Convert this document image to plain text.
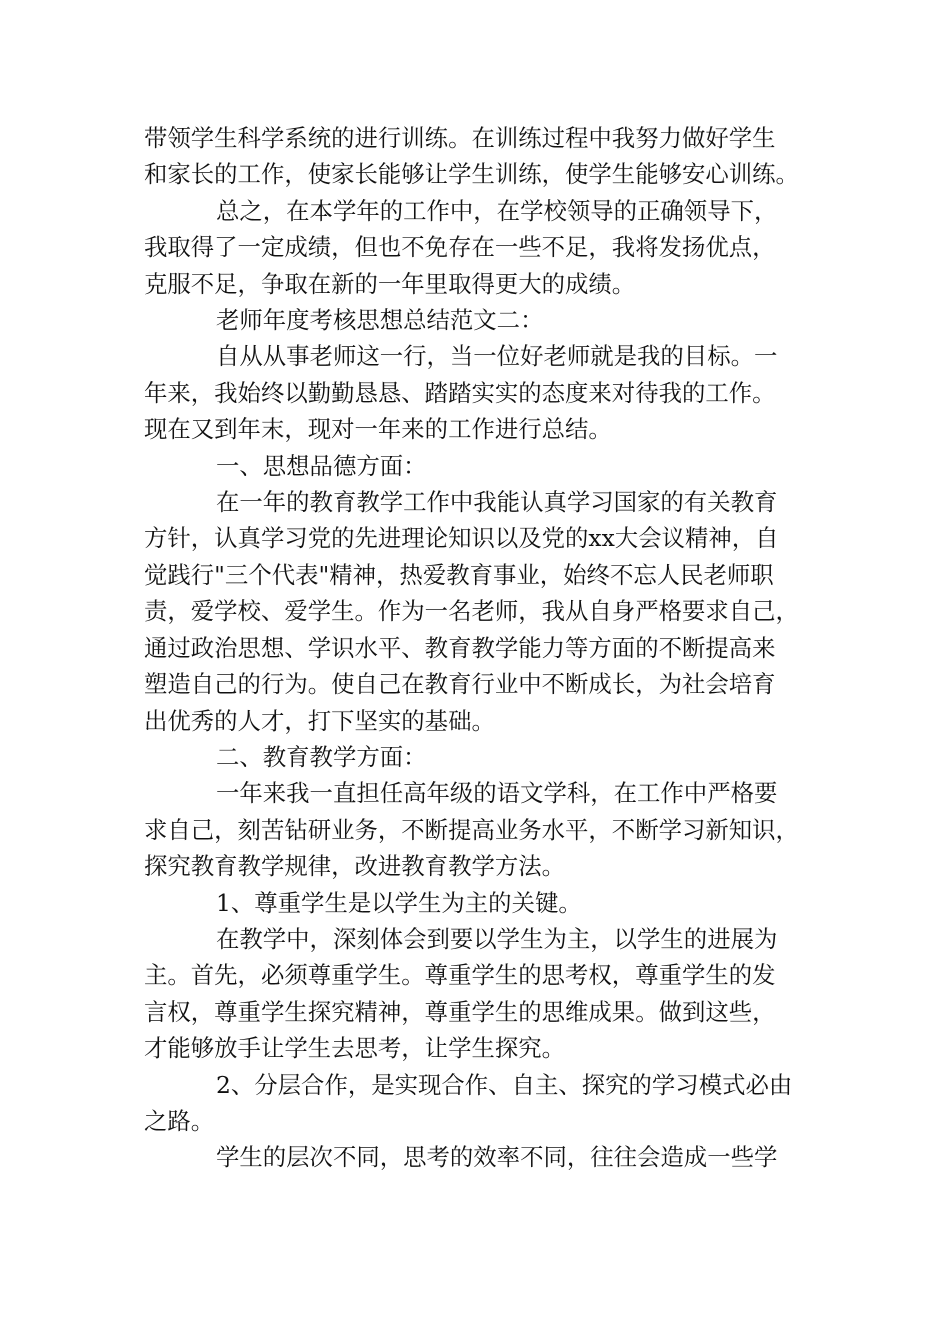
带领学生科学系统的进行训练。在训练过程中我努力做好学生
和家长的工作，使家长能够让学生训练，使学生能够安心训练。
总之，在本学年的工作中，在学校领导的正确领导下，
我取得了一定成绩，但也不免存在一些不足，我将发扬优点，
克服不足，争取在新的一年里取得更大的成绩。
老师年度考核思想总结范文二：
自从从事老师这一行，当一位好老师就是我的目标。一
年来，我始终以勤勤恳恳、踏踏实实的态度来对待我的工作。
现在又到年末，现对一年来的工作进行总结。
一、思想品德方面：
在一年的教育教学工作中我能认真学习国家的有关教育
方针，认真学习党的先进理论知识以及党的xx大会议精神，自
觉践行"三个代表"精神，热爱教育事业，始终不忘人民老师职
责，爱学校、爱学生。作为一名老师，我从自身严格要求自己，
通过政治思想、学识水平、教育教学能力等方面的不断提高来
塑造自己的行为。使自己在教育行业中不断成长，为社会培育
出优秀的人才，打下坚实的基础。
二、教育教学方面：
一年来我一直担任高年级的语文学科，在工作中严格要
求自己，刻苦钻研业务，不断提高业务水平，不断学习新知识，
探究教育教学规律，改进教育教学方法。
1、尊重学生是以学生为主的关键。
在教学中，深刻体会到要以学生为主，以学生的进展为
主。首先，必须尊重学生。尊重学生的思考权，尊重学生的发
言权，尊重学生探究精神，尊重学生的思维成果。做到这些，
才能够放手让学生去思考，让学生探究。
2、分层合作，是实现合作、自主、探究的学习模式必由
之路。
学生的层次不同，思考的效率不同，往往会造成一些学
